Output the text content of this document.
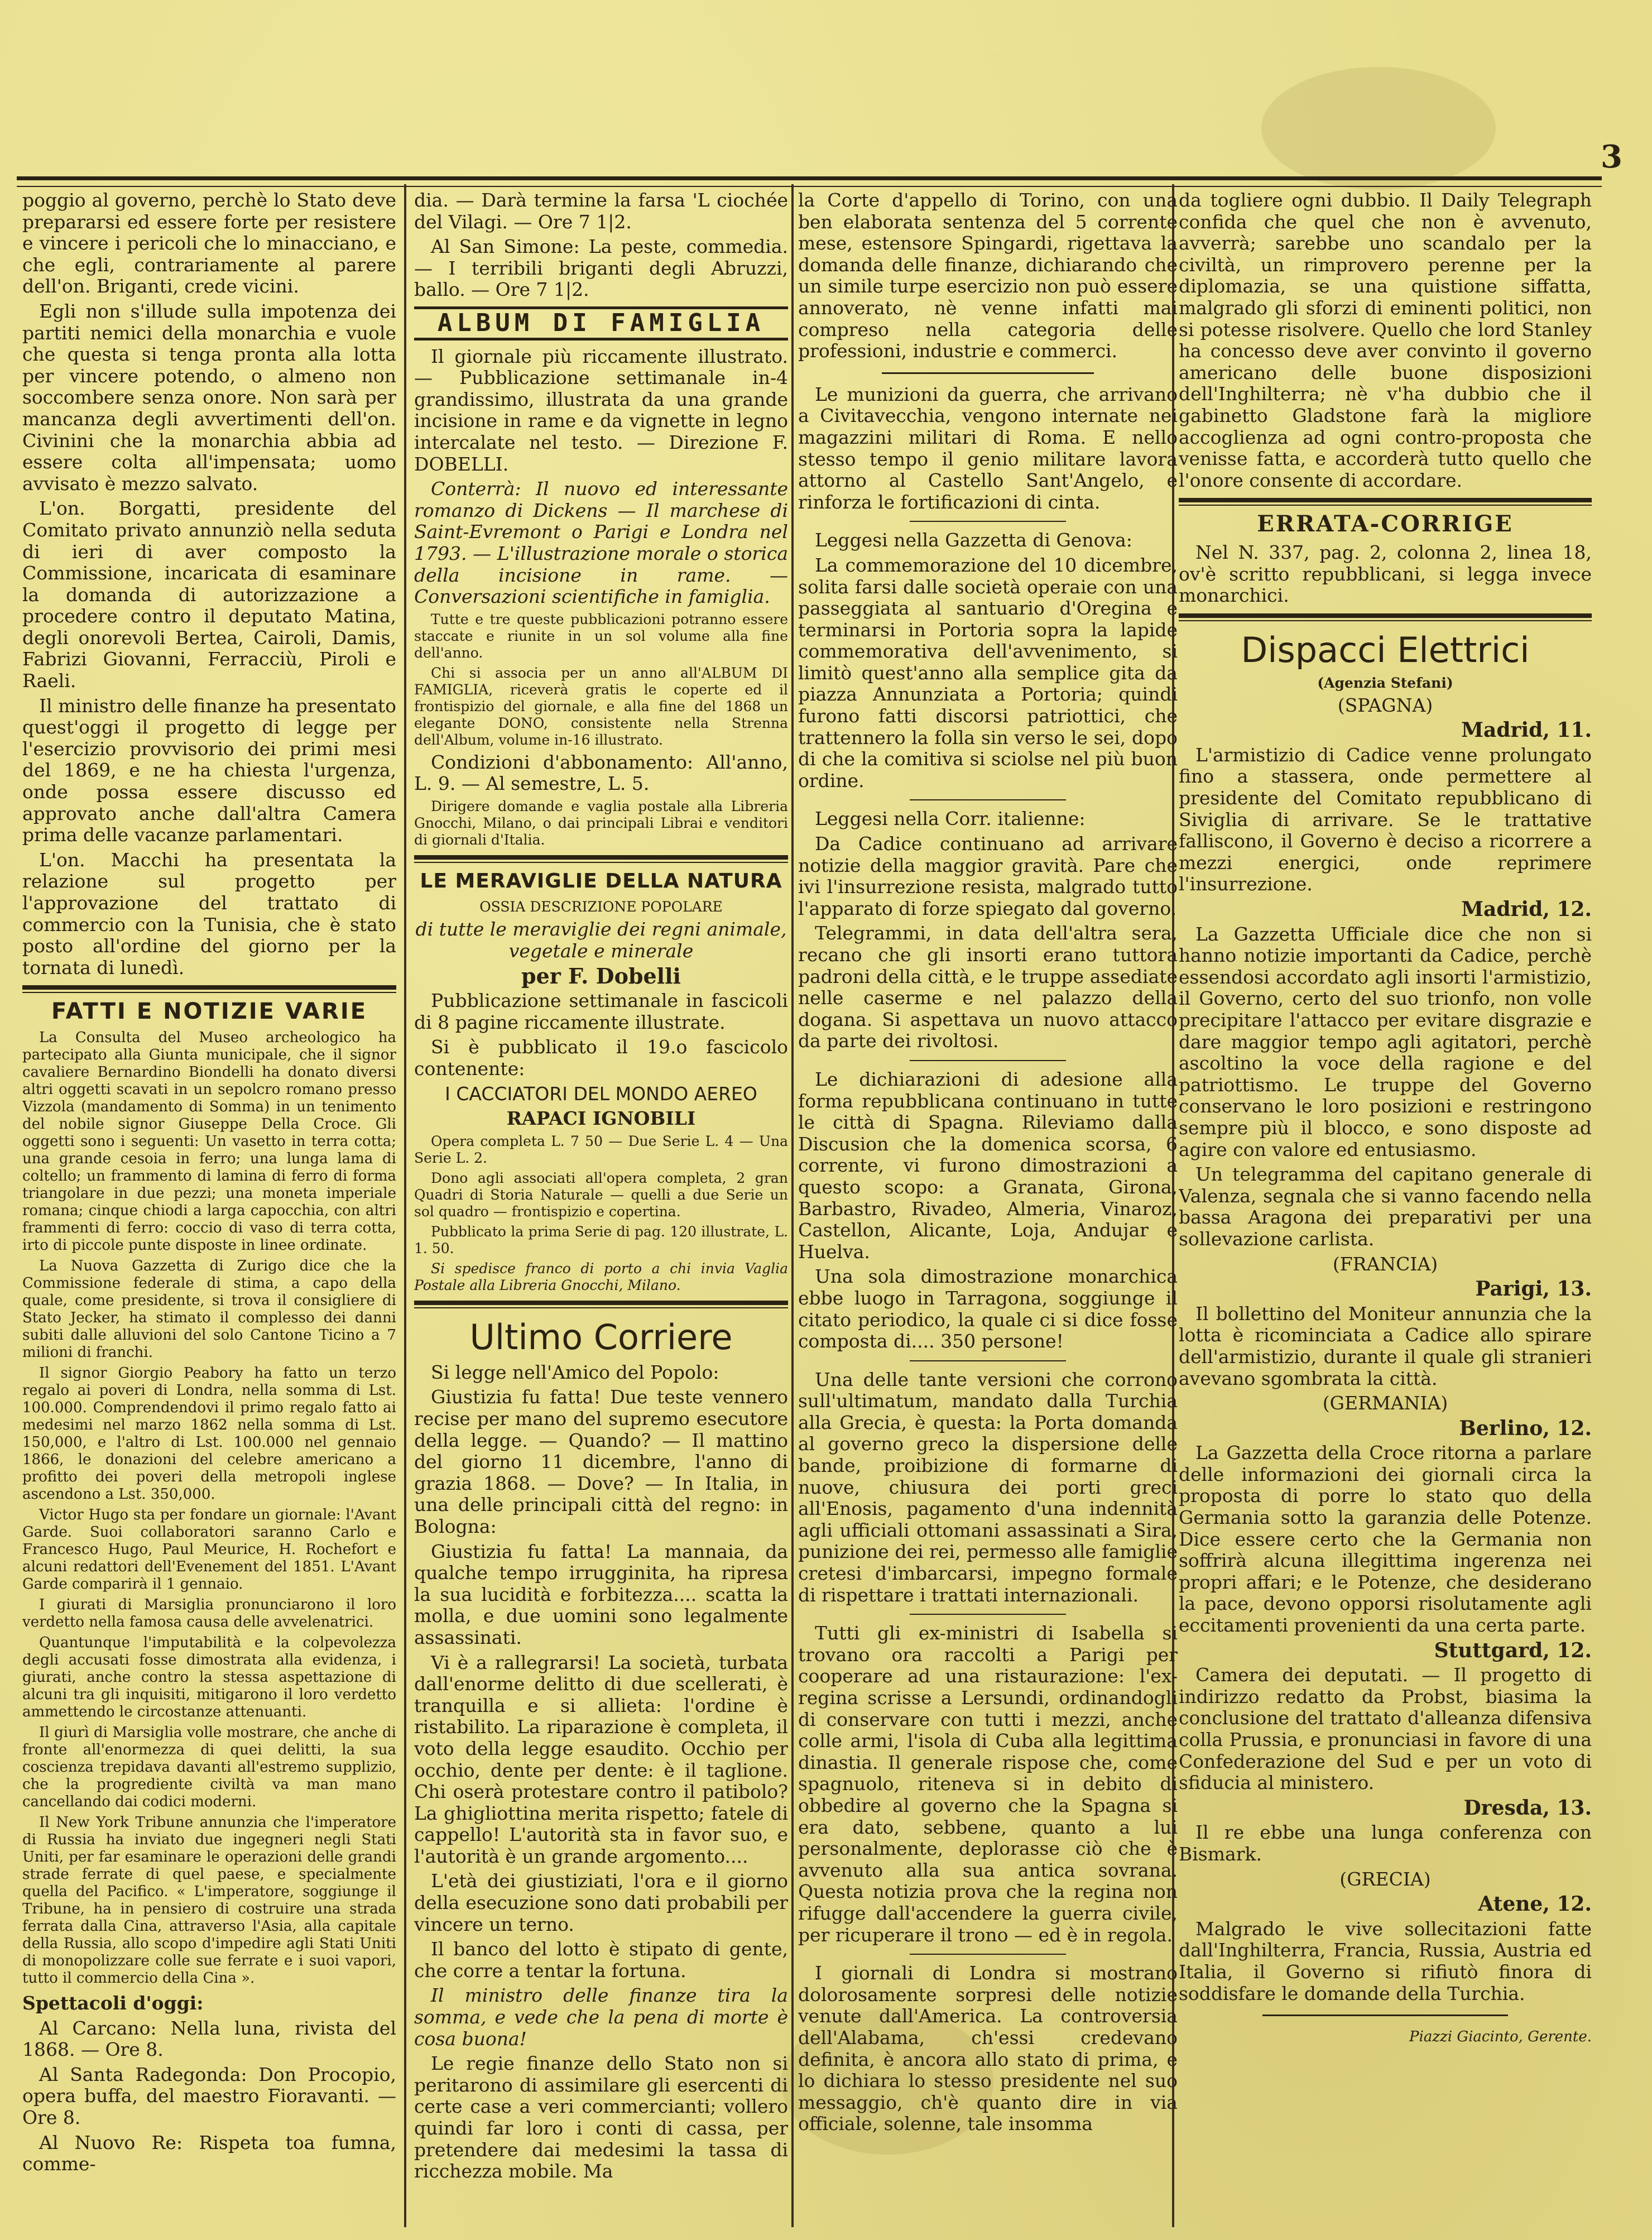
3

poggio al governo, perchè lo Stato deve prepararsi ed essere forte per resistere e vincere i pericoli che lo minacciano, e che egli, contrariamente al parere dell'on. Briganti, crede vicini.

Egli non s'illude sulla impotenza dei partiti nemici della monarchia e vuole che questa si tenga pronta alla lotta per vincere potendo, o almeno non soccombere senza onore. Non sarà per mancanza degli avvertimenti dell'on. Civinini che la monarchia abbia ad essere colta all'impensata; uomo avvisato è mezzo salvato.

L'on. Borgatti, presidente del Comitato privato annunziò nella seduta di ieri di aver composto la Commissione, incaricata di esaminare la domanda di autorizzazione a procedere contro il deputato Matina, degli onorevoli Bertea, Cairoli, Damis, Fabrizi Giovanni, Ferracciù, Piroli e Raeli.

Il ministro delle finanze ha presentato quest'oggi il progetto di legge per l'esercizio provvisorio dei primi mesi del 1869, e ne ha chiesta l'urgenza, onde possa essere discusso ed approvato anche dall'altra Camera prima delle vacanze parlamentari.

L'on. Macchi ha presentata la relazione sul progetto per l'approvazione del trattato di commercio con la Tunisia, che è stato posto all'ordine del giorno per la tornata di lunedì.

FATTI E NOTIZIE VARIE

La Consulta del Museo archeologico ha partecipato alla Giunta municipale, che il signor cavaliere Bernardino Biondelli ha donato diversi altri oggetti scavati in un sepolcro romano presso Vizzola (mandamento di Somma) in un tenimento del nobile signor Giuseppe Della Croce. Gli oggetti sono i seguenti: Un vasetto in terra cotta; una grande cesoia in ferro; una lunga lama di coltello; un frammento di lamina di ferro di forma triangolare in due pezzi; una moneta imperiale romana; cinque chiodi a larga capocchia, con altri frammenti di ferro: coccio di vaso di terra cotta, irto di piccole punte disposte in linee ordinate.

La Nuova Gazzetta di Zurigo dice che la Commissione federale di stima, a capo della quale, come presidente, si trova il consigliere di Stato Jecker, ha stimato il complesso dei danni subiti dalle alluvioni del solo Cantone Ticino a 7 milioni di franchi.

Il signor Giorgio Peabory ha fatto un terzo regalo ai poveri di Londra, nella somma di Lst. 100.000. Comprendendovi il primo regalo fatto ai medesimi nel marzo 1862 nella somma di Lst. 150,000, e l'altro di Lst. 100.000 nel gennaio 1866, le donazioni del celebre americano a profitto dei poveri della metropoli inglese ascendono a Lst. 350,000.

Victor Hugo sta per fondare un giornale: l'Avant Garde. Suoi collaboratori saranno Carlo e Francesco Hugo, Paul Meurice, H. Rochefort e alcuni redattori dell'Evenement del 1851. L'Avant Garde comparirà il 1 gennaio.

I giurati di Marsiglia pronunciarono il loro verdetto nella famosa causa delle avvelenatrici.

Quantunque l'imputabilità e la colpevolezza degli accusati fosse dimostrata alla evidenza, i giurati, anche contro la stessa aspettazione di alcuni tra gli inquisiti, mitigarono il loro verdetto ammettendo le circostanze attenuanti.

Il giurì di Marsiglia volle mostrare, che anche di fronte all'enormezza di quei delitti, la sua coscienza trepidava davanti all'estremo supplizio, che la progrediente civiltà va man mano cancellando dai codici moderni.

Il New York Tribune annunzia che l'imperatore di Russia ha inviato due ingegneri negli Stati Uniti, per far esaminare le operazioni delle grandi strade ferrate di quel paese, e specialmente quella del Pacifico. « L'imperatore, soggiunge il Tribune, ha in pensiero di costruire una strada ferrata dalla Cina, attraverso l'Asia, alla capitale della Russia, allo scopo d'impedire agli Stati Uniti di monopolizzare colle sue ferrate e i suoi vapori, tutto il commercio della Cina ».

Spettacoli d'oggi:

Al Carcano: Nella luna, rivista del 1868. — Ore 8.

Al Santa Radegonda: Don Procopio, opera buffa, del maestro Fioravanti. — Ore 8.

Al Nuovo Re: Rispeta toa fumna, comme-

dia. — Darà termine la farsa 'L ciochée del Vilagi. — Ore 7 1|2.

Al San Simone: La peste, commedia. — I terribili briganti degli Abruzzi, ballo. — Ore 7 1|2.

ALBUM DI FAMIGLIA

Il giornale più riccamente illustrato. — Pubblicazione settimanale in-4 grandissimo, illustrata da una grande incisione in rame e da vignette in legno intercalate nel testo. — Direzione F. DOBELLI.

Conterrà: Il nuovo ed interessante romanzo di Dickens — Il marchese di Saint-Evremont o Parigi e Londra nel 1793. — L'illustrazione morale o storica della incisione in rame. — Conversazioni scientifiche in famiglia.

Tutte e tre queste pubblicazioni potranno essere staccate e riunite in un sol volume alla fine dell'anno.

Chi si associa per un anno all'ALBUM DI FAMIGLIA, riceverà gratis le coperte ed il frontispizio del giornale, e alla fine del 1868 un elegante DONO, consistente nella Strenna dell'Album, volume in-16 illustrato.

Condizioni d'abbonamento: All'anno, L. 9. — Al semestre, L. 5.

Dirigere domande e vaglia postale alla Libreria Gnocchi, Milano, o dai principali Librai e venditori di giornali d'Italia.

LE MERAVIGLIE DELLA NATURA

OSSIA DESCRIZIONE POPOLARE

di tutte le meraviglie dei regni animale, vegetale e minerale

per F. Dobelli

Pubblicazione settimanale in fascicoli di 8 pagine riccamente illustrate.

Si è pubblicato il 19.o fascicolo contenente:

I CACCIATORI DEL MONDO AEREO

RAPACI IGNOBILI

Opera completa L. 7 50 — Due Serie L. 4 — Una Serie L. 2.

Dono agli associati all'opera completa, 2 gran Quadri di Storia Naturale — quelli a due Serie un sol quadro — frontispizio e copertina.

Pubblicato la prima Serie di pag. 120 illustrate, L. 1. 50.

Si spedisce franco di porto a chi invia Vaglia Postale alla Libreria Gnocchi, Milano.

Ultimo Corriere

Si legge nell'Amico del Popolo:

Giustizia fu fatta! Due teste vennero recise per mano del supremo esecutore della legge. — Quando? — Il mattino del giorno 11 dicembre, l'anno di grazia 1868. — Dove? — In Italia, in una delle principali città del regno: in Bologna:

Giustizia fu fatta! La mannaia, da qualche tempo irrugginita, ha ripresa la sua lucidità e forbitezza.... scatta la molla, e due uomini sono legalmente assassinati.

Vi è a rallegrarsi! La società, turbata dall'enorme delitto di due scellerati, è tranquilla e si allieta: l'ordine è ristabilito. La riparazione è completa, il voto della legge esaudito. Occhio per occhio, dente per dente: è il taglione. Chi oserà protestare contro il patibolo? La ghigliottina merita rispetto; fatele di cappello! L'autorità sta in favor suo, e l'autorità è un grande argomento....

L'età dei giustiziati, l'ora e il giorno della esecuzione sono dati probabili per vincere un terno.

Il banco del lotto è stipato di gente, che corre a tentar la fortuna.

Il ministro delle finanze tira la somma, e vede che la pena di morte è cosa buona!

Le regie finanze dello Stato non si peritarono di assimilare gli esercenti di certe case a veri commercianti; vollero quindi far loro i conti di cassa, per pretendere dai medesimi la tassa di ricchezza mobile. Ma

la Corte d'appello di Torino, con una ben elaborata sentenza del 5 corrente mese, estensore Spingardi, rigettava la domanda delle finanze, dichiarando che un simile turpe esercizio non può essere annoverato, nè venne infatti mai compreso nella categoria delle professioni, industrie e commerci.

Le munizioni da guerra, che arrivano a Civitavecchia, vengono internate nei magazzini militari di Roma. E nello stesso tempo il genio militare lavora attorno al Castello Sant'Angelo, e rinforza le fortificazioni di cinta.

Leggesi nella Gazzetta di Genova:

La commemorazione del 10 dicembre, solita farsi dalle società operaie con una passeggiata al santuario d'Oregina e terminarsi in Portoria sopra la lapide commemorativa dell'avvenimento, si limitò quest'anno alla semplice gita da piazza Annunziata a Portoria; quindi furono fatti discorsi patriottici, che trattennero la folla sin verso le sei, dopo di che la comitiva si sciolse nel più buon ordine.

Leggesi nella Corr. italienne:

Da Cadice continuano ad arrivare notizie della maggior gravità. Pare che ivi l'insurrezione resista, malgrado tutto l'apparato di forze spiegato dal governo.

Telegrammi, in data dell'altra sera, recano che gli insorti erano tuttora padroni della città, e le truppe assediate nelle caserme e nel palazzo della dogana. Si aspettava un nuovo attacco da parte dei rivoltosi.

Le dichiarazioni di adesione alla forma repubblicana continuano in tutte le città di Spagna. Rileviamo dalla Discusion che la domenica scorsa, 6 corrente, vi furono dimostrazioni a questo scopo: a Granata, Girona, Barbastro, Rivadeo, Almeria, Vinaroz, Castellon, Alicante, Loja, Andujar e Huelva.

Una sola dimostrazione monarchica ebbe luogo in Tarragona, soggiunge il citato periodico, la quale ci si dice fosse composta di.... 350 persone!

Una delle tante versioni che corrono sull'ultimatum, mandato dalla Turchia alla Grecia, è questa: la Porta domanda al governo greco la dispersione delle bande, proibizione di formarne di nuove, chiusura dei porti greci all'Enosis, pagamento d'una indennità agli ufficiali ottomani assassinati a Sira, punizione dei rei, permesso alle famiglie cretesi d'imbarcarsi, impegno formale di rispettare i trattati internazionali.

Tutti gli ex-ministri di Isabella si trovano ora raccolti a Parigi per cooperare ad una ristaurazione: l'ex-regina scrisse a Lersundi, ordinandogli di conservare con tutti i mezzi, anche colle armi, l'isola di Cuba alla legittima dinastia. Il generale rispose che, come spagnuolo, riteneva si in debito di obbedire al governo che la Spagna si era dato, sebbene, quanto a lui personalmente, deplorasse ciò che è avvenuto alla sua antica sovrana. Questa notizia prova che la regina non rifugge dall'accendere la guerra civile, per ricuperare il trono — ed è in regola.

I giornali di Londra si mostrano dolorosamente sorpresi delle notizie venute dall'America. La controversia dell'Alabama, ch'essi credevano definita, è ancora allo stato di prima, e lo dichiara lo stesso presidente nel suo messaggio, ch'è quanto dire in via officiale, solenne, tale insomma

da togliere ogni dubbio. Il Daily Telegraph confida che quel che non è avvenuto, avverrà; sarebbe uno scandalo per la civiltà, un rimprovero perenne per la diplomazia, se una quistione siffatta, malgrado gli sforzi di eminenti politici, non si potesse risolvere. Quello che lord Stanley ha concesso deve aver convinto il governo americano delle buone disposizioni dell'Inghilterra; nè v'ha dubbio che il gabinetto Gladstone farà la migliore accoglienza ad ogni contro-proposta che venisse fatta, e accorderà tutto quello che l'onore consente di accordare.

ERRATA-CORRIGE

Nel N. 337, pag. 2, colonna 2, linea 18, ov'è scritto repubblicani, si legga invece monarchici.

Dispacci Elettrici

(Agenzia Stefani)

(SPAGNA)

Madrid, 11.

L'armistizio di Cadice venne prolungato fino a stassera, onde permettere al presidente del Comitato repubblicano di Siviglia di arrivare. Se le trattative falliscono, il Governo è deciso a ricorrere a mezzi energici, onde reprimere l'insurrezione.

Madrid, 12.

La Gazzetta Ufficiale dice che non si hanno notizie importanti da Cadice, perchè essendosi accordato agli insorti l'armistizio, il Governo, certo del suo trionfo, non volle precipitare l'attacco per evitare disgrazie e dare maggior tempo agli agitatori, perchè ascoltino la voce della ragione e del patriottismo. Le truppe del Governo conservano le loro posizioni e restringono sempre più il blocco, e sono disposte ad agire con valore ed entusiasmo.

Un telegramma del capitano generale di Valenza, segnala che si vanno facendo nella bassa Aragona dei preparativi per una sollevazione carlista.

(FRANCIA)

Parigi, 13.

Il bollettino del Moniteur annunzia che la lotta è ricominciata a Cadice allo spirare dell'armistizio, durante il quale gli stranieri avevano sgombrata la città.

(GERMANIA)

Berlino, 12.

La Gazzetta della Croce ritorna a parlare delle informazioni dei giornali circa la proposta di porre lo stato quo della Germania sotto la garanzia delle Potenze. Dice essere certo che la Germania non soffrirà alcuna illegittima ingerenza nei propri affari; e le Potenze, che desiderano la pace, devono opporsi risolutamente agli eccitamenti provenienti da una certa parte.

Stuttgard, 12.

Camera dei deputati. — Il progetto di indirizzo redatto da Probst, biasima la conclusione del trattato d'alleanza difensiva colla Prussia, e pronunciasi in favore di una Confederazione del Sud e per un voto di sfiducia al ministero.

Dresda, 13.

Il re ebbe una lunga conferenza con Bismark.

(GRECIA)

Atene, 12.

Malgrado le vive sollecitazioni fatte dall'Inghilterra, Francia, Russia, Austria ed Italia, il Governo si rifiutò finora di soddisfare le domande della Turchia.

Piazzi Giacinto, Gerente.
